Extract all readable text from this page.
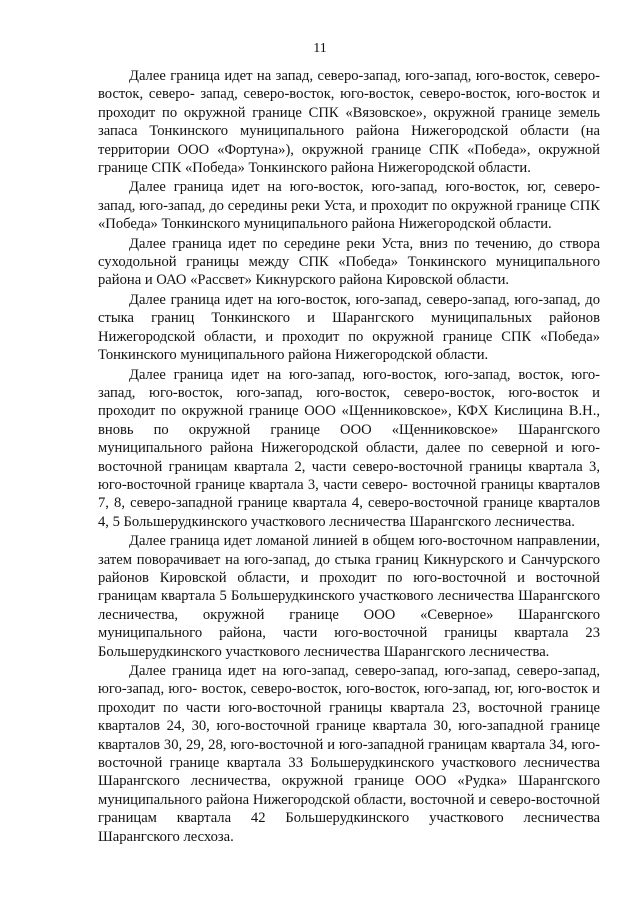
11

Далее граница идет на запад, северо-запад, юго-запад, юго-восток, северо-восток, северо- запад, северо-восток, юго-восток, северо-восток, юго-восток и проходит по окружной границе СПК «Вязовское», окружной границе земель запаса Тонкинского муниципального района Нижегородской области (на территории ООО «Фортуна»), окружной границе СПК «Победа», окружной границе СПК «Победа» Тонкинского района Нижегородской области.

Далее граница идет на юго-восток, юго-запад, юго-восток, юг, северо-запад, юго-запад, до середины реки Уста, и проходит по окружной границе СПК «Победа» Тонкинского муниципального района Нижегородской области.

Далее граница идет по середине реки Уста, вниз по течению, до створа суходольной границы между СПК «Победа» Тонкинского муниципального района и ОАО «Рассвет» Кикнурского района Кировской области.

Далее граница идет на юго-восток, юго-запад, северо-запад, юго-запад, до стыка границ Тонкинского и Шарангского муниципальных районов Нижегородской области, и проходит по окружной границе СПК «Победа» Тонкинского муниципального района Нижегородской области.

Далее граница идет на юго-запад, юго-восток, юго-запад, восток, юго-запад, юго-восток, юго-запад, юго-восток, северо-восток, юго-восток и проходит по окружной границе ООО «Щенниковское», КФХ Кислицина В.Н., вновь по окружной границе ООО «Щенниковское» Шарангского муниципального района Нижегородской области, далее по северной и юго-восточной границам квартала 2, части северо-восточной границы квартала 3, юго-восточной границе квартала 3, части северо- восточной границы кварталов 7, 8, северо-западной границе квартала 4, северо-восточной границе кварталов 4, 5 Большерудкинского участкового лесничества Шарангского лесничества.

Далее граница идет ломаной линией в общем юго-восточном направлении, затем поворачивает на юго-запад, до стыка границ Кикнурского и Санчурского районов Кировской области, и проходит по юго-восточной и восточной границам квартала 5 Большерудкинского участкового лесничества Шарангского лесничества, окружной границе ООО «Северное» Шарангского муниципального района, части юго-восточной границы квартала 23 Большерудкинского участкового лесничества Шарангского лесничества.

Далее граница идет на юго-запад, северо-запад, юго-запад, северо-запад, юго-запад, юго- восток, северо-восток, юго-восток, юго-запад, юг, юго-восток и проходит по части юго-восточной границы квартала 23, восточной границе кварталов 24, 30, юго-восточной границе квартала 30, юго-западной границе кварталов 30, 29, 28, юго-восточной и юго-западной границам квартала 34, юго-восточной границе квартала 33 Большерудкинского участкового лесничества Шарангского лесничества, окружной границе ООО «Рудка» Шарангского муниципального района Нижегородской области, восточной и северо-восточной границам квартала 42 Большерудкинского участкового лесничества Шарангского лесхоза.
